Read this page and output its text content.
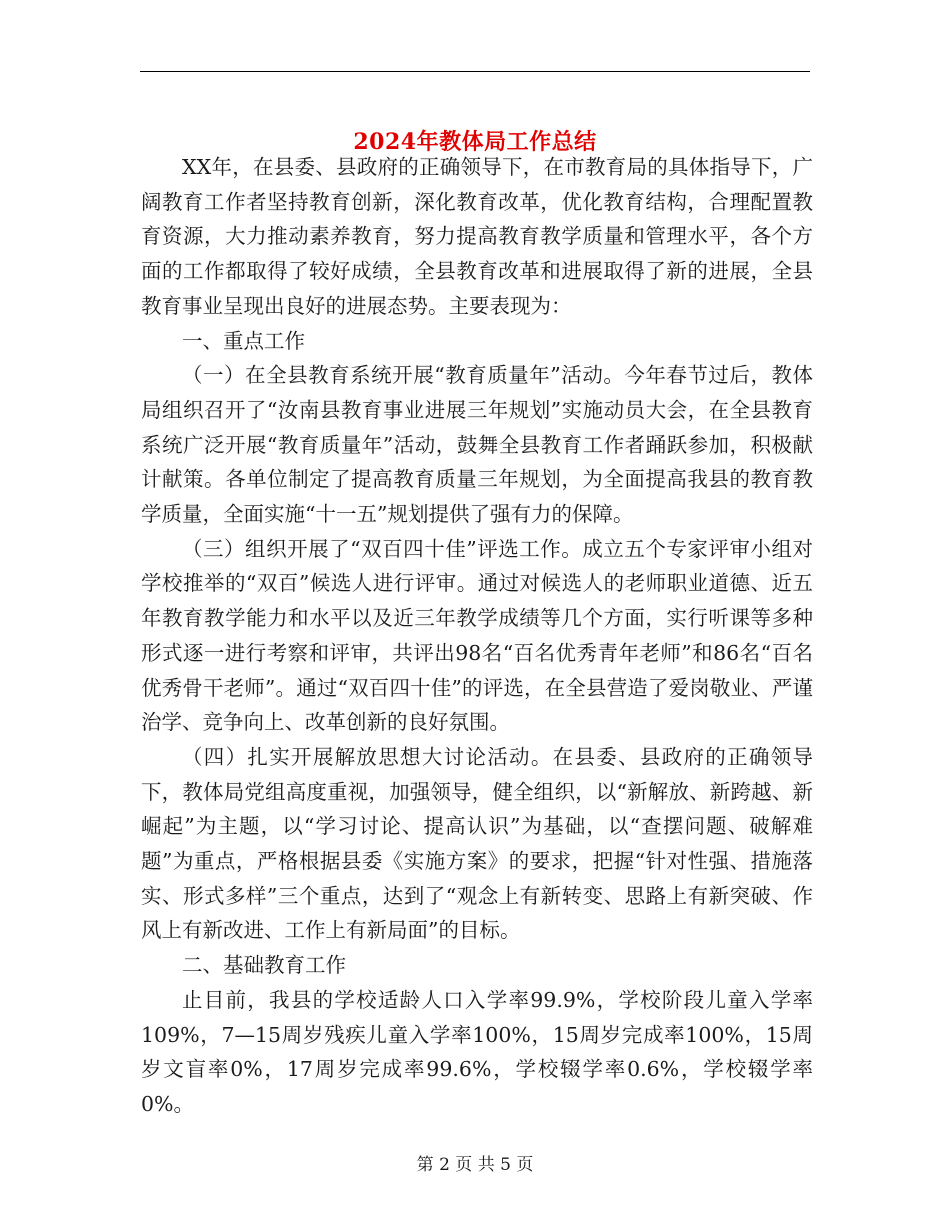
2024年教体局工作总结

XX年，在县委、县政府的正确领导下，在市教育局的具体指导下，广阔教育工作者坚持教育创新，深化教育改革，优化教育结构，合理配置教育资源，大力推动素养教育，努力提高教育教学质量和管理水平，各个方面的工作都取得了较好成绩，全县教育改革和进展取得了新的进展，全县教育事业呈现出良好的进展态势。主要表现为：

一、重点工作

（一）在全县教育系统开展“教育质量年”活动。今年春节过后，教体局组织召开了“汝南县教育事业进展三年规划”实施动员大会，在全县教育系统广泛开展“教育质量年”活动，鼓舞全县教育工作者踊跃参加，积极献计献策。各单位制定了提高教育质量三年规划，为全面提高我县的教育教学质量，全面实施“十一五”规划提供了强有力的保障。

（三）组织开展了“双百四十佳”评选工作。成立五个专家评审小组对学校推举的“双百”候选人进行评审。通过对候选人的老师职业道德、近五年教育教学能力和水平以及近三年教学成绩等几个方面，实行听课等多种形式逐一进行考察和评审，共评出98名“百名优秀青年老师”和86名“百名优秀骨干老师”。通过“双百四十佳”的评选，在全县营造了爱岗敬业、严谨治学、竞争向上、改革创新的良好氛围。

（四）扎实开展解放思想大讨论活动。在县委、县政府的正确领导下，教体局党组高度重视，加强领导，健全组织，以“新解放、新跨越、新崛起”为主题，以“学习讨论、提高认识”为基础，以“查摆问题、破解难题”为重点，严格根据县委《实施方案》的要求，把握“针对性强、措施落实、形式多样”三个重点，达到了“观念上有新转变、思路上有新突破、作风上有新改进、工作上有新局面”的目标。

二、基础教育工作

止目前，我县的学校适龄人口入学率99.9%，学校阶段儿童入学率109%，7—15周岁残疾儿童入学率100%，15周岁完成率100%，15周岁文盲率0%，17周岁完成率99.6%，学校辍学率0.6%，学校辍学率0%。

第 2 页 共 5 页
